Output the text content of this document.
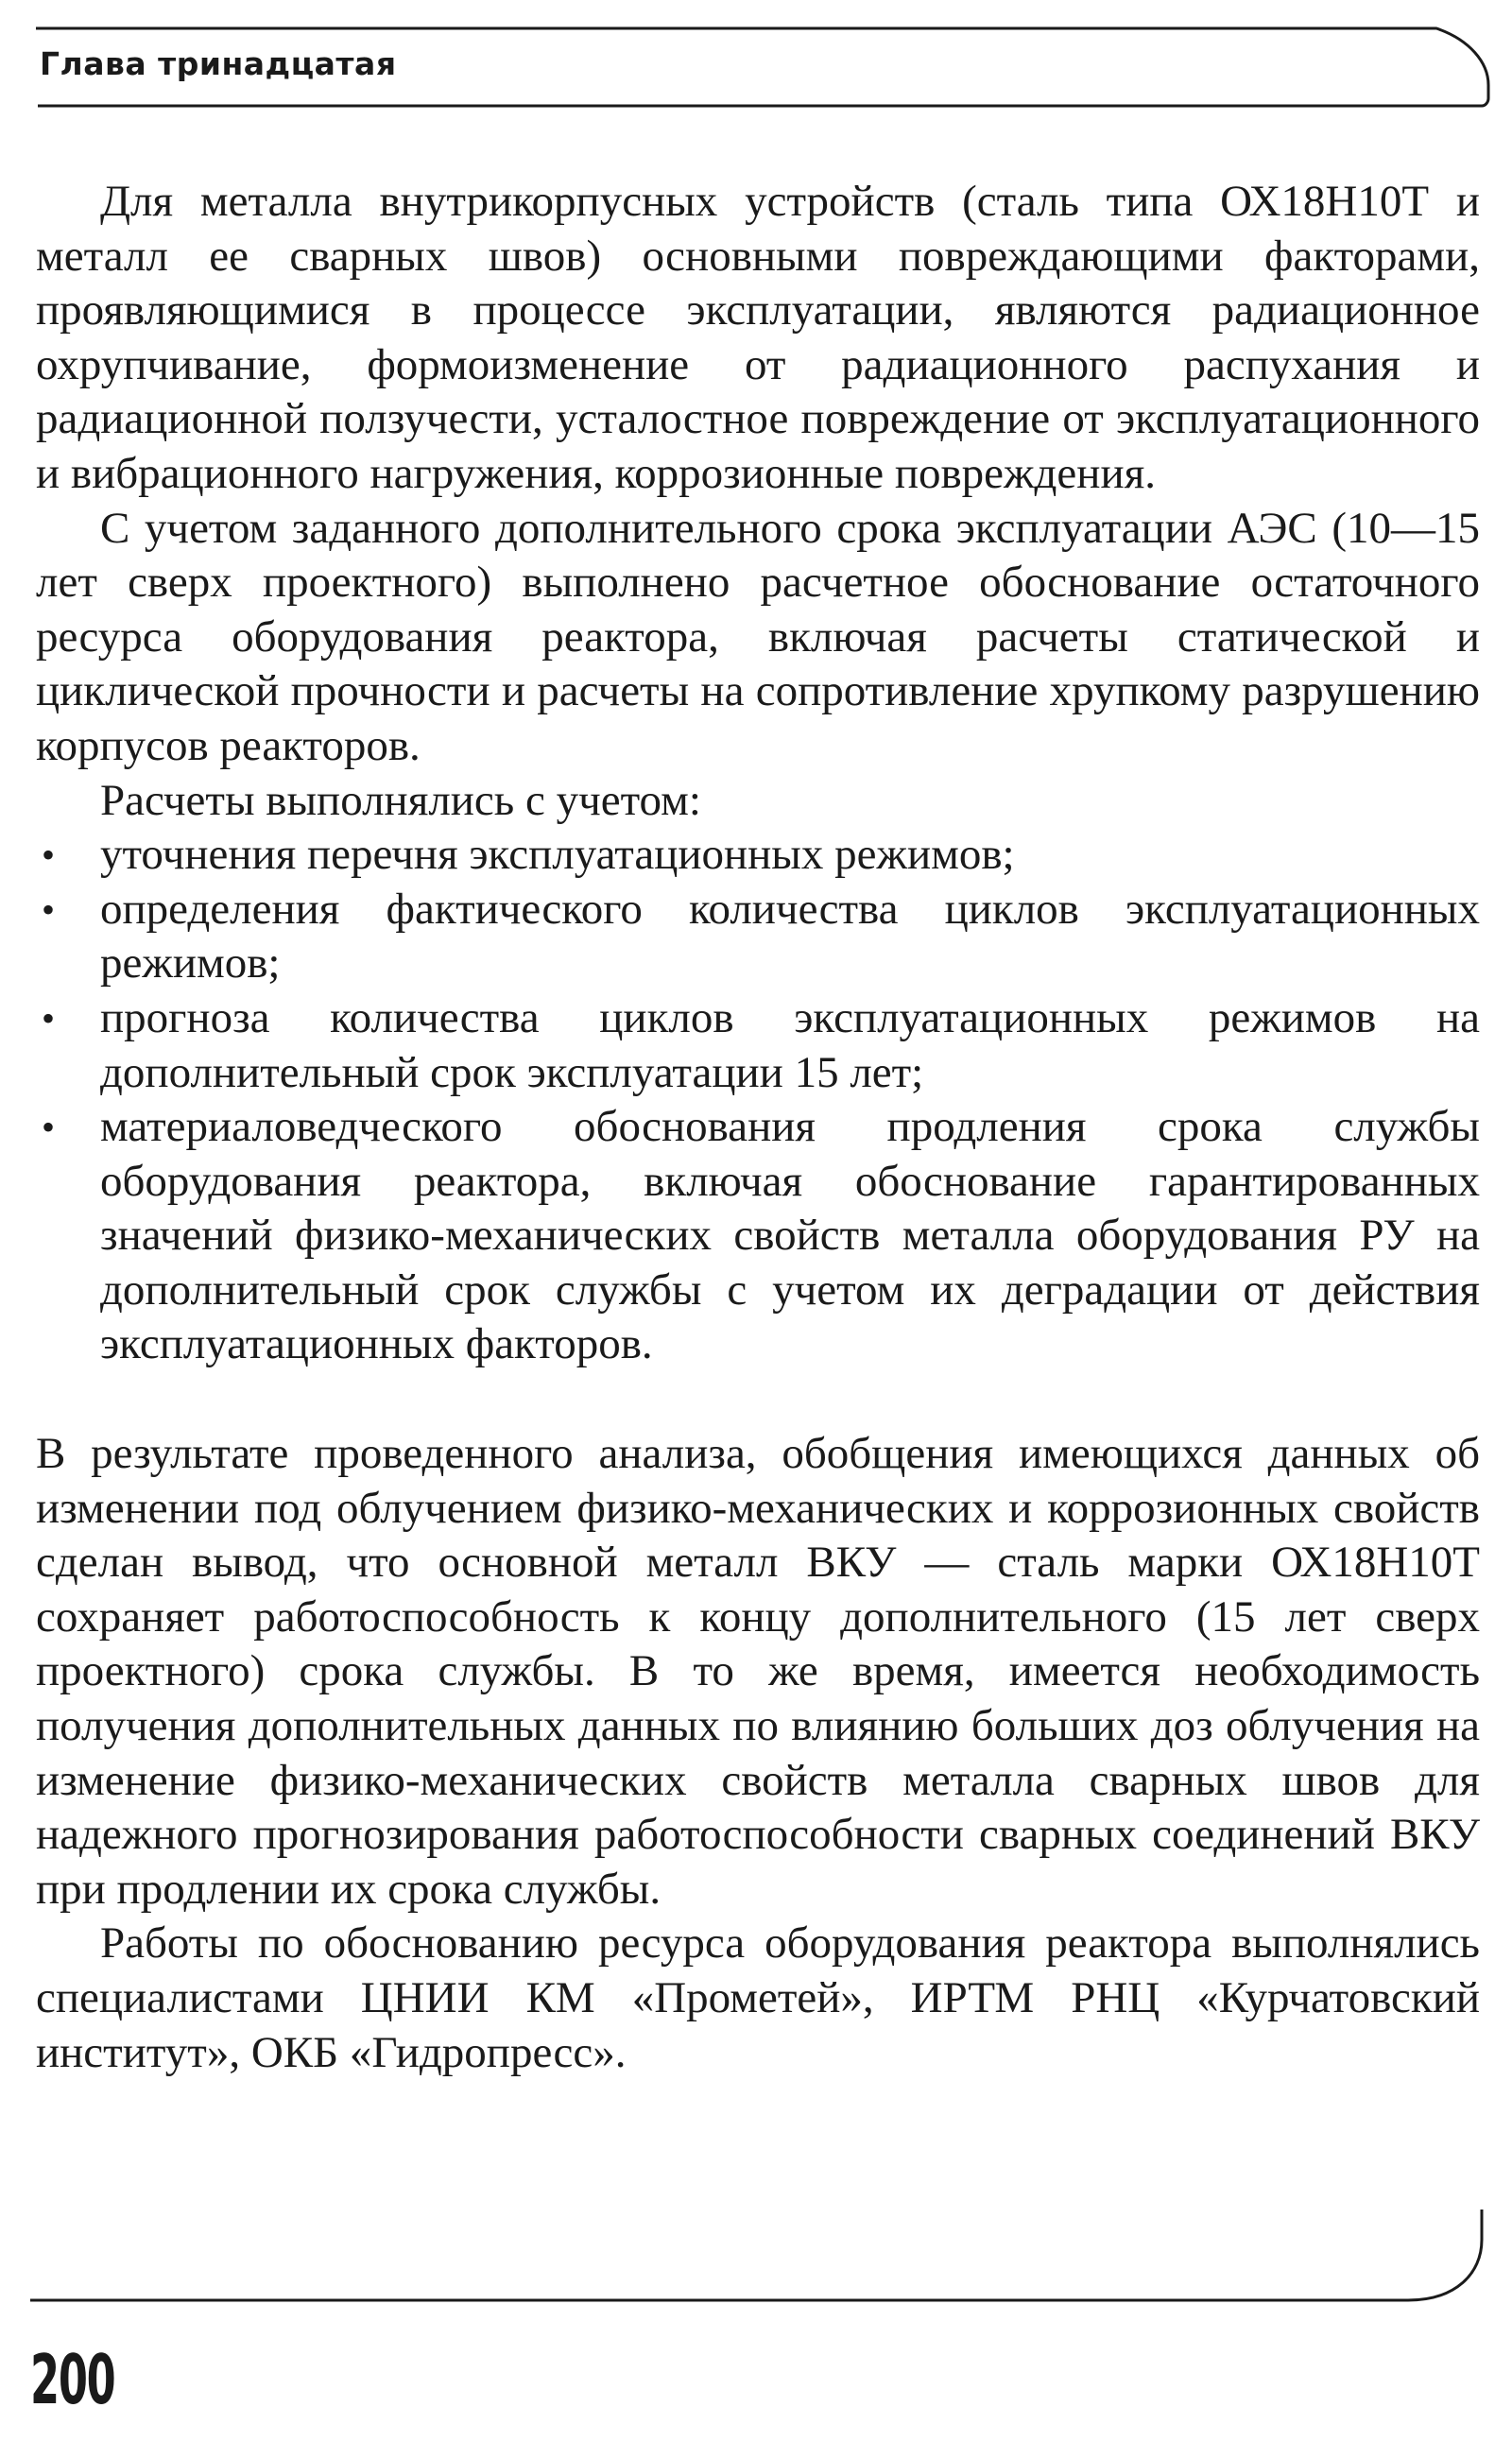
Глава тринадцатая

Для металла внутрикорпусных устройств (сталь типа ОХ18Н10Т и металл ее сварных швов) основными повреждающими факторами, проявляющимися в процессе эксплуатации, являются радиационное охрупчивание, формоизменение от радиационного распухания и радиационной ползучести, усталостное повреждение от эксплуатационного и вибрационного нагружения, коррозионные повреждения.

С учетом заданного дополнительного срока эксплуатации АЭС (10—15 лет сверх проектного) выполнено расчетное обоснование остаточного ресурса оборудования реактора, включая расчеты статической и циклической прочности и расчеты на сопротивление хрупкому разрушению корпусов реакторов.

Расчеты выполнялись с учетом:

• уточнения перечня эксплуатационных режимов;
• определения фактического количества циклов эксплуатационных режимов;
• прогноза количества циклов эксплуатационных режимов на дополнительный срок эксплуатации 15 лет;
• материаловедческого обоснования продления срока службы оборудования реактора, включая обоснование гарантированных значений физико-механических свойств металла оборудования РУ на дополнительный срок службы с учетом их деградации от действия эксплуатационных факторов.

В результате проведенного анализа, обобщения имеющихся данных об изменении под облучением физико-механических и коррозионных свойств сделан вывод, что основной металл ВКУ — сталь марки ОХ18Н10Т сохраняет работоспособность к концу дополнительного (15 лет сверх проектного) срока службы. В то же время, имеется необходимость получения дополнительных данных по влиянию больших доз облучения на изменение физико-механических свойств металла сварных швов для надежного прогнозирования работоспособности сварных соединений ВКУ при продлении их срока службы.

Работы по обоснованию ресурса оборудования реактора выполнялись специалистами ЦНИИ КМ «Прометей», ИРТМ РНЦ «Курчатовский институт», ОКБ «Гидропресс».

200
